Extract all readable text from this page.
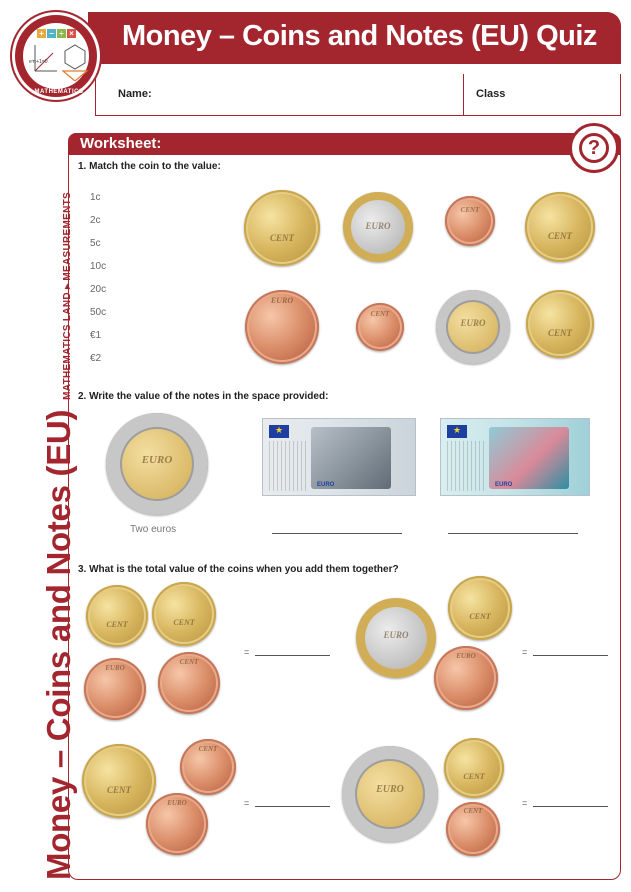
Money – Coins and Notes (EU) Quiz
Name:	Class
+ − ÷ ×
eⁱπ+1=0
MATHEMATICS
Money – Coins and Notes (EU)
MATHEMATICS LAND ▸ MEASUREMENTS
Worksheet:	?
1. Match the coin to the value:
1c
2c
5c
10c
20c
50c
€1
€2
CENT
EURO
CENT
CENT
EURO
CENT
EURO
CENT
2. Write the value of the notes in the space provided:
EURO
Two euros
★
EURO
★	EURO
3. What is the total value of the coins when you add them together?
CENT	CENT
EURO
CENT
=
EURO
CENT
EURO	=
CENT
CENT
EURO	=
EURO
CENT
CENT
=
